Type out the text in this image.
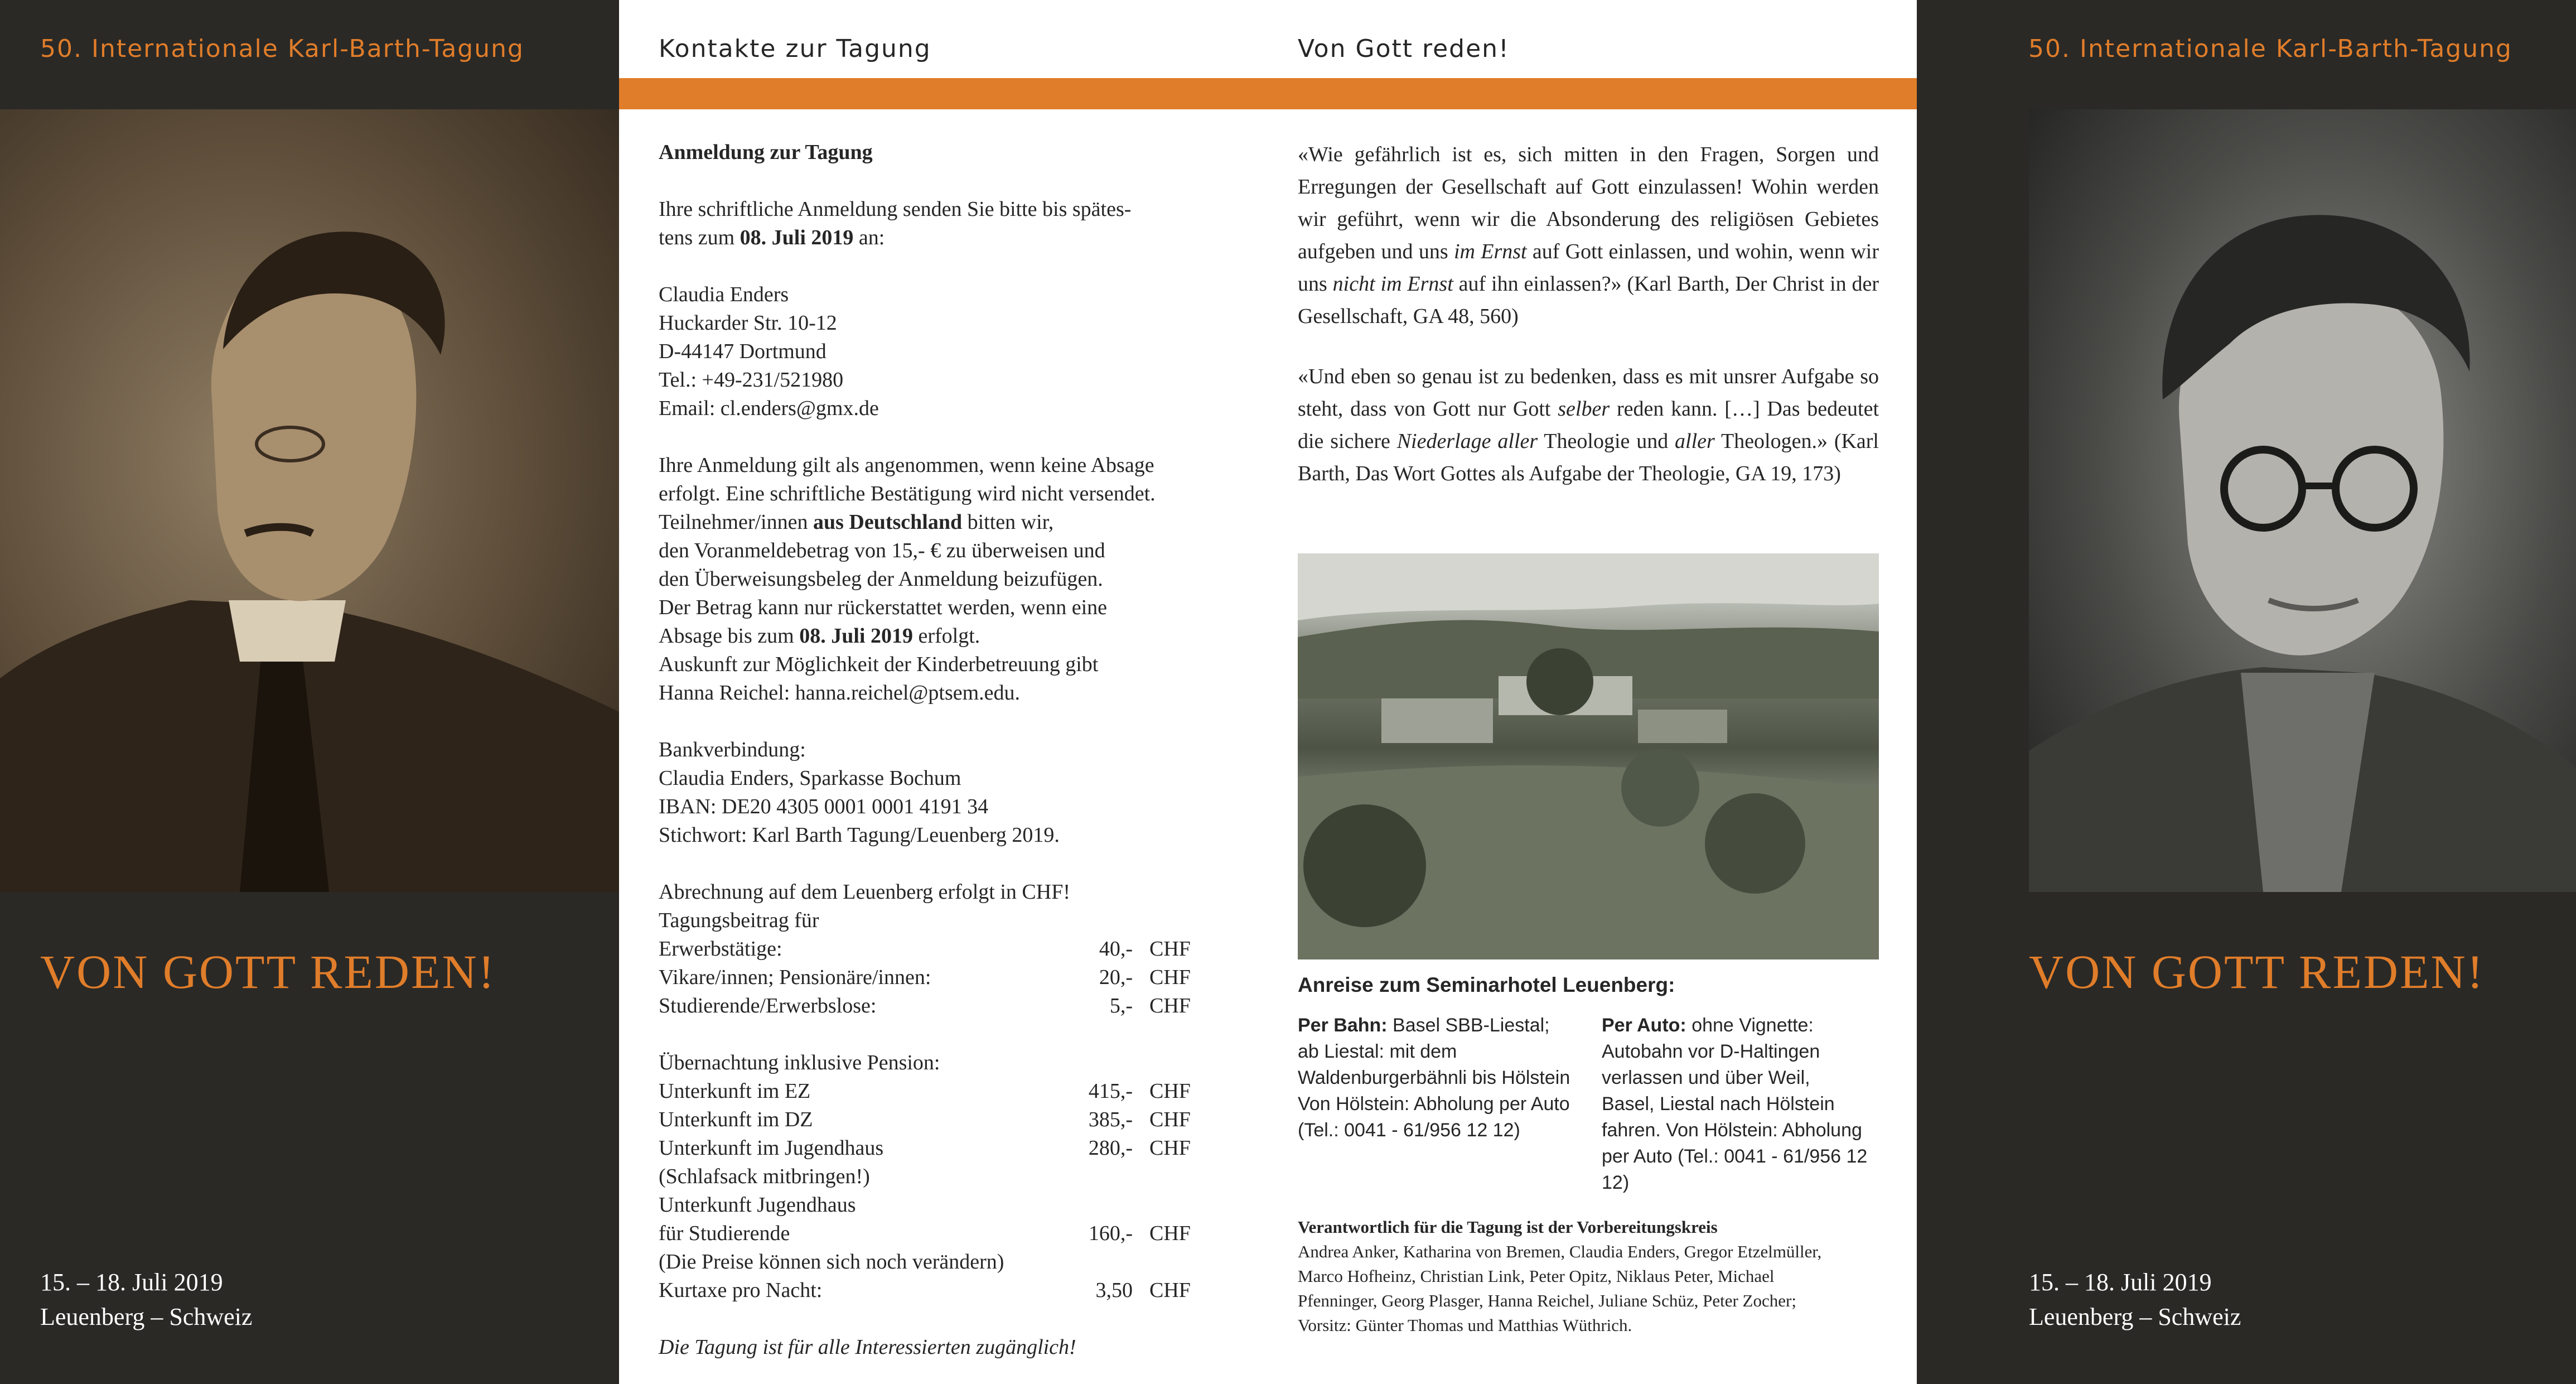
50. Internationale Karl-Barth-Tagung
VON GOTT REDEN!
15. – 18. Juli 2019
Leuenberg – Schweiz
Kontakte zur Tagung	Von Gott reden!

Anmeldung zur Tagung

Ihre schriftliche Anmeldung senden Sie bitte bis spätes-

tens zum 08. Juli 2019 an:

Claudia Enders

Huckarder Str. 10-12

D-44147 Dortmund

Tel.: +49-231/521980

Email: cl.enders@gmx.de

Ihre Anmeldung gilt als angenommen, wenn keine Absage

erfolgt. Eine schriftliche Bestätigung wird nicht versendet.

Teilnehmer/innen aus Deutschland bitten wir,

den Voranmeldebetrag von 15,- € zu überweisen und

den Überweisungsbeleg der Anmeldung beizufügen.

Der Betrag kann nur rückerstattet werden, wenn eine

Absage bis zum 08. Juli 2019 erfolgt.

Auskunft zur Möglichkeit der Kinderbetreuung gibt

Hanna Reichel: hanna.reichel@ptsem.edu.

Bankverbindung:

Claudia Enders, Sparkasse Bochum

IBAN: DE20 4305 0001 0001 4191 34

Stichwort: Karl Barth Tagung/Leuenberg 2019.

Abrechnung auf dem Leuenberg erfolgt in CHF!

Tagungsbeitrag für

Erwerbstätige:	40,- CHF
Vikare/innen; Pensionäre/innen:	20,- CHF
Studierende/Erwerbslose:	5,- CHF

Übernachtung inklusive Pension:

Unterkunft im EZ	415,- CHF
Unterkunft im DZ	385,- CHF
Unterkunft im Jugendhaus	280,- CHF

(Schlafsack mitbringen!)

Unterkunft Jugendhaus

für Studierende	160,- CHF

(Die Preise können sich noch verändern)

Kurtaxe pro Nacht:	3,50 CHF

Die Tagung ist für alle Interessierten zugänglich!

«Wie gefährlich ist es, sich mitten in den Fragen, Sorgen und Erregungen der Gesellschaft auf Gott einzulassen! Wohin werden wir geführt, wenn wir die Absonderung des religiösen Gebietes aufgeben und uns im Ernst auf Gott einlassen, und wohin, wenn wir uns nicht im Ernst auf ihn einlassen?» (Karl Barth, Der Christ in der Gesellschaft, GA 48, 560)
«Und eben so genau ist zu bedenken, dass es mit unsrer Aufgabe so steht, dass von Gott nur Gott selber reden kann. […] Das bedeutet die sichere Niederlage aller Theologie und aller Theologen.» (Karl Barth, Das Wort Gottes als Aufgabe der Theologie, GA 19, 173)
Anreise zum Seminarhotel Leuenberg:
Per Bahn: Basel SBB-Liestal;
ab Liestal: mit dem
Waldenburgerbähnli bis Hölstein
Von Hölstein: Abholung per Auto
(Tel.: 0041 - 61/956 12 12)
Per Auto: ohne Vignette:
Autobahn vor D-Haltingen
verlassen und über Weil,
Basel, Liestal nach Hölstein
fahren. Von Hölstein: Abholung
per Auto (Tel.: 0041 - 61/956 12 12)
Verantwortlich für die Tagung ist der Vorbereitungskreis
Andrea Anker, Katharina von Bremen, Claudia Enders, Gregor Etzelmüller,
Marco Hofheinz, Christian Link, Peter Opitz, Niklaus Peter, Michael
Pfenninger, Georg Plasger, Hanna Reichel, Juliane Schüz, Peter Zocher;
Vorsitz: Günter Thomas und Matthias Wüthrich.
50. Internationale Karl-Barth-Tagung
VON GOTT REDEN!
15. – 18. Juli 2019
Leuenberg – Schweiz
